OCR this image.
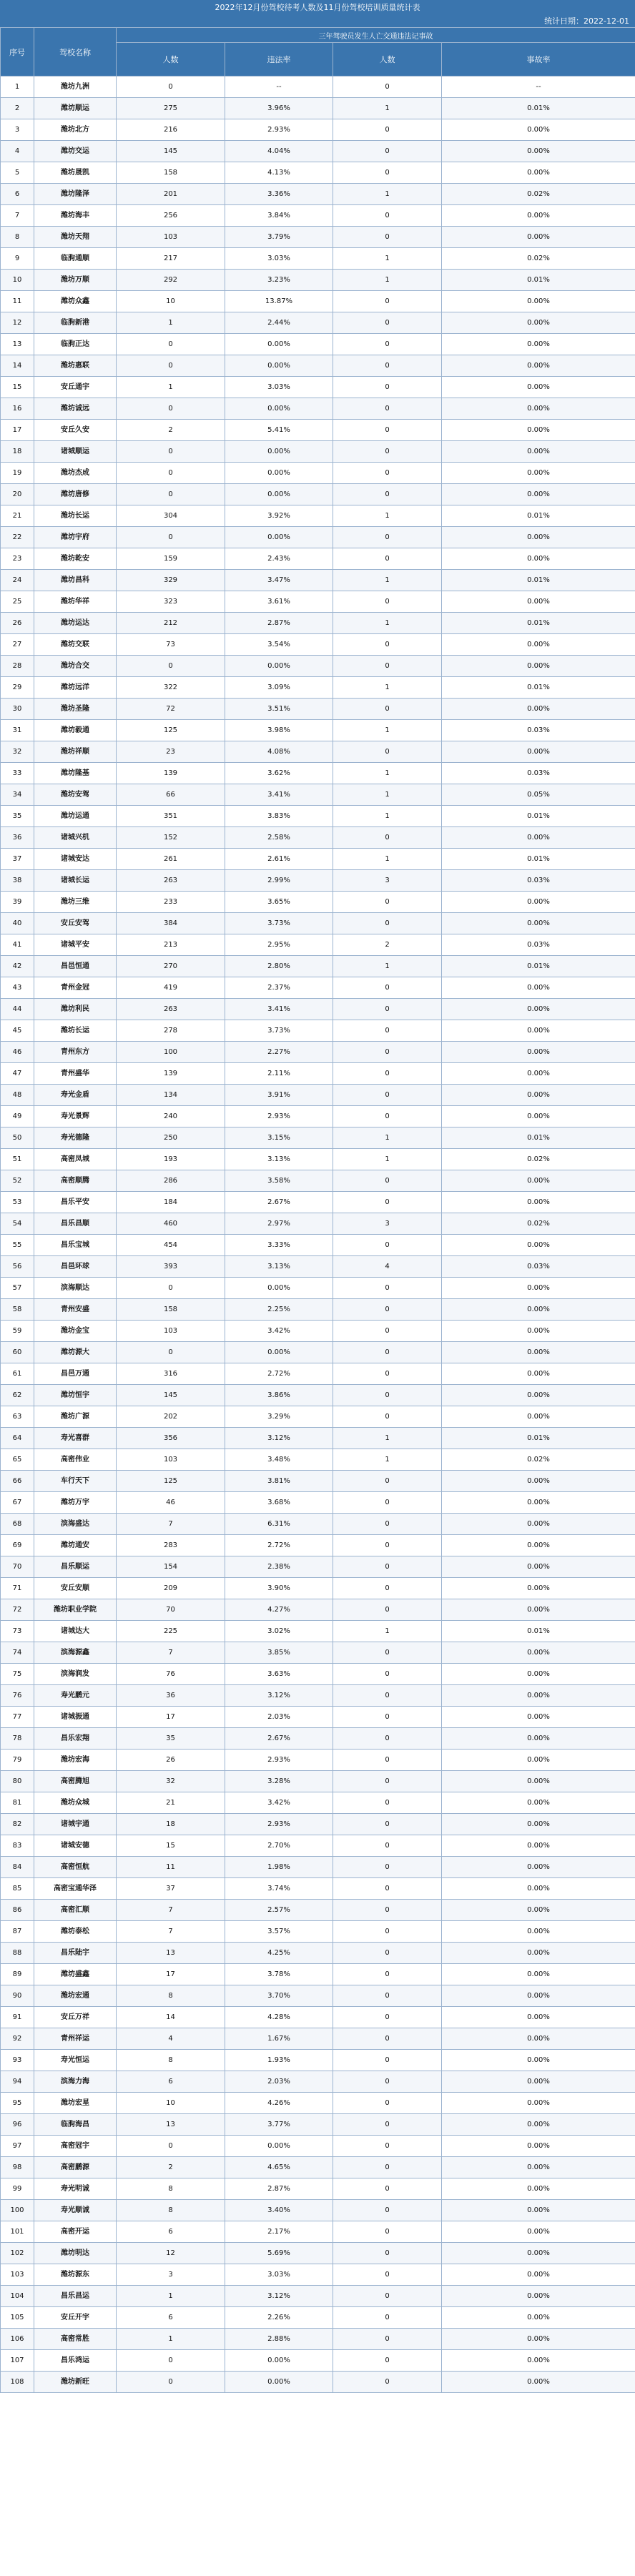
2022年12月份驾校待考人数及11月份驾校培训质量统计表
统计日期：2022-12-01
序号	驾校名称	三年驾驶员发生人亡交通违法记事故			
		人数	违法率	人数	事故率
1	潍坊九洲	0	--	0	--
2	潍坊顺运	275	3.96%	1	0.01%
3	潍坊北方	216	2.93%	0	0.00%
4	潍坊交运	145	4.04%	0	0.00%
5	潍坊晟凯	158	4.13%	0	0.00%
6	潍坊隆泽	201	3.36%	1	0.02%
7	潍坊海丰	256	3.84%	0	0.00%
8	潍坊天翔	103	3.79%	0	0.00%
9	临朐通顺	217	3.03%	1	0.02%
10	潍坊万顺	292	3.23%	1	0.01%
11	潍坊众鑫	10	13.87%	0	0.00%
12	临朐新港	1	2.44%	0	0.00%
13	临朐正达	0	0.00%	0	0.00%
14	潍坊惠联	0	0.00%	0	0.00%
15	安丘通宇	1	3.03%	0	0.00%
16	潍坊诚远	0	0.00%	0	0.00%
17	安丘久安	2	5.41%	0	0.00%
18	诸城顺运	0	0.00%	0	0.00%
19	潍坊杰成	0	0.00%	0	0.00%
20	潍坊唐修	0	0.00%	0	0.00%
21	潍坊长运	304	3.92%	1	0.01%
22	潍坊宇府	0	0.00%	0	0.00%
23	潍坊乾安	159	2.43%	0	0.00%
24	潍坊昌科	329	3.47%	1	0.01%
25	潍坊华祥	323	3.61%	0	0.00%
26	潍坊运达	212	2.87%	1	0.01%
27	潍坊交联	73	3.54%	0	0.00%
28	潍坊合交	0	0.00%	0	0.00%
29	潍坊远洋	322	3.09%	1	0.01%
30	潍坊圣隆	72	3.51%	0	0.00%
31	潍坊毅通	125	3.98%	1	0.03%
32	潍坊祥顺	23	4.08%	0	0.00%
33	潍坊隆基	139	3.62%	1	0.03%
34	潍坊安驾	66	3.41%	1	0.05%
35	潍坊运通	351	3.83%	1	0.01%
36	诸城兴机	152	2.58%	0	0.00%
37	诸城安达	261	2.61%	1	0.01%
38	诸城长运	263	2.99%	3	0.03%
39	潍坊三维	233	3.65%	0	0.00%
40	安丘安驾	384	3.73%	0	0.00%
41	诸城平安	213	2.95%	2	0.03%
42	昌邑恒通	270	2.80%	1	0.01%
43	青州金冠	419	2.37%	0	0.00%
44	潍坊利民	263	3.41%	0	0.00%
45	潍坊长运	278	3.73%	0	0.00%
46	青州东方	100	2.27%	0	0.00%
47	青州盛华	139	2.11%	0	0.00%
48	寿光金盾	134	3.91%	0	0.00%
49	寿光景辉	240	2.93%	0	0.00%
50	寿光德隆	250	3.15%	1	0.01%
51	高密凤城	193	3.13%	1	0.02%
52	高密顺腾	286	3.58%	0	0.00%
53	昌乐平安	184	2.67%	0	0.00%
54	昌乐昌顺	460	2.97%	3	0.02%
55	昌乐宝城	454	3.33%	0	0.00%
56	昌邑环球	393	3.13%	4	0.03%
57	滨海顺达	0	0.00%	0	0.00%
58	青州安盛	158	2.25%	0	0.00%
59	潍坊金宝	103	3.42%	0	0.00%
60	潍坊源大	0	0.00%	0	0.00%
61	昌邑万通	316	2.72%	0	0.00%
62	潍坊恒宇	145	3.86%	0	0.00%
63	潍坊广源	202	3.29%	0	0.00%
64	寿光喜群	356	3.12%	1	0.01%
65	高密伟业	103	3.48%	1	0.02%
66	车行天下	125	3.81%	0	0.00%
67	潍坊万宇	46	3.68%	0	0.00%
68	滨海盛达	7	6.31%	0	0.00%
69	潍坊通安	283	2.72%	0	0.00%
70	昌乐顺运	154	2.38%	0	0.00%
71	安丘安顺	209	3.90%	0	0.00%
72	潍坊职业学院	70	4.27%	0	0.00%
73	诸城达大	225	3.02%	1	0.01%
74	滨海源鑫	7	3.85%	0	0.00%
75	滨海润发	76	3.63%	0	0.00%
76	寿光鹏元	36	3.12%	0	0.00%
77	诸城振通	17	2.03%	0	0.00%
78	昌乐宏翔	35	2.67%	0	0.00%
79	潍坊宏海	26	2.93%	0	0.00%
80	高密腾旭	32	3.28%	0	0.00%
81	潍坊众城	21	3.42%	0	0.00%
82	诸城宇通	18	2.93%	0	0.00%
83	诸城安德	15	2.70%	0	0.00%
84	高密恒航	11	1.98%	0	0.00%
85	高密宝通华泽	37	3.74%	0	0.00%
86	高密汇顺	7	2.57%	0	0.00%
87	潍坊泰松	7	3.57%	0	0.00%
88	昌乐陆宇	13	4.25%	0	0.00%
89	潍坊盛鑫	17	3.78%	0	0.00%
90	潍坊宏通	8	3.70%	0	0.00%
91	安丘万祥	14	4.28%	0	0.00%
92	青州祥运	4	1.67%	0	0.00%
93	寿光恒运	8	1.93%	0	0.00%
94	滨海力海	6	2.03%	0	0.00%
95	潍坊宏星	10	4.26%	0	0.00%
96	临朐海昌	13	3.77%	0	0.00%
97	高密冠宇	0	0.00%	0	0.00%
98	高密鹏源	2	4.65%	0	0.00%
99	寿光明诚	8	2.87%	0	0.00%
100	寿光顺诚	8	3.40%	0	0.00%
101	高密开运	6	2.17%	0	0.00%
102	潍坊明达	12	5.69%	0	0.00%
103	潍坊源东	3	3.03%	0	0.00%
104	昌乐昌运	1	3.12%	0	0.00%
105	安丘开宇	6	2.26%	0	0.00%
106	高密常胜	1	2.88%	0	0.00%
107	昌乐鸿运	0	0.00%	0	0.00%
108	潍坊新旺	0	0.00%	0	0.00%
